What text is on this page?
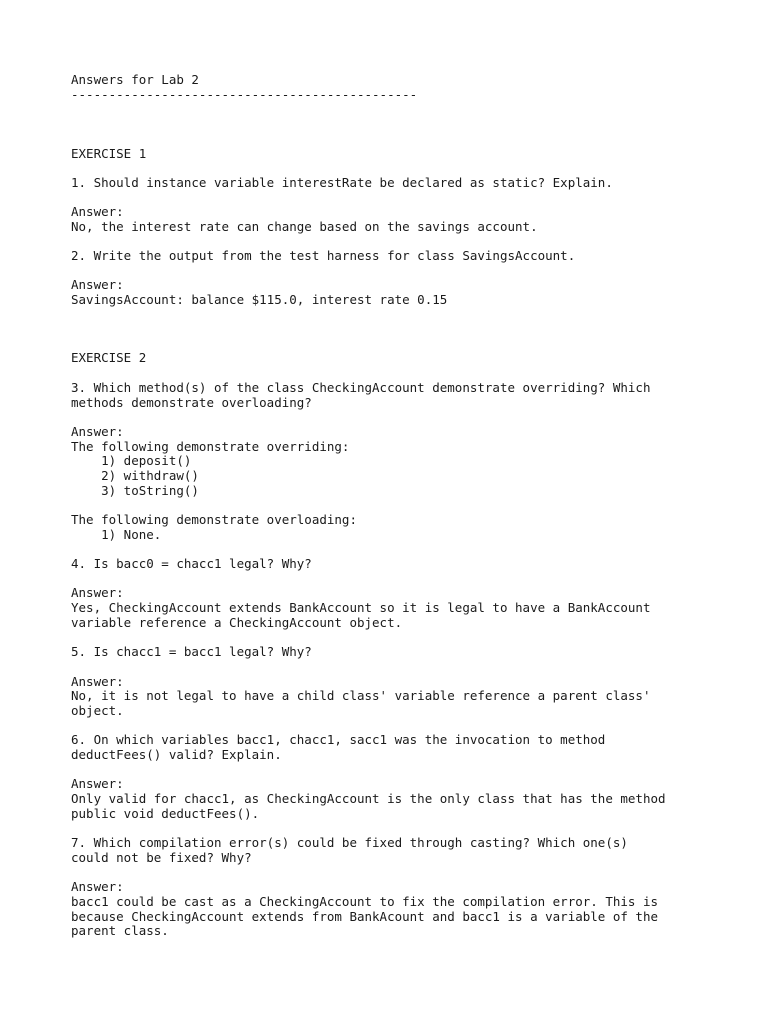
Answers for Lab 2
----------------------------------------------
EXERCISE 1
1. Should instance variable interestRate be declared as static? Explain.
Answer:
No, the interest rate can change based on the savings account.
2. Write the output from the test harness for class SavingsAccount.
Answer:
SavingsAccount: balance $115.0, interest rate 0.15
EXERCISE 2
3. Which method(s) of the class CheckingAccount demonstrate overriding? Which
methods demonstrate overloading?
Answer:
The following demonstrate overriding:
1) deposit()
2) withdraw()
3) toString()
The following demonstrate overloading:
1) None.
4. Is bacc0 = chacc1 legal? Why?
Answer:
Yes, CheckingAccount extends BankAccount so it is legal to have a BankAccount
variable reference a CheckingAccount object.
5. Is chacc1 = bacc1 legal? Why?
Answer:
No, it is not legal to have a child class' variable reference a parent class'
object.
6. On which variables bacc1, chacc1, sacc1 was the invocation to method
deductFees() valid? Explain.
Answer:
Only valid for chacc1, as CheckingAccount is the only class that has the method
public void deductFees().
7. Which compilation error(s) could be fixed through casting? Which one(s)
could not be fixed? Why?
Answer:
bacc1 could be cast as a CheckingAccount to fix the compilation error. This is
because CheckingAccount extends from BankAcount and bacc1 is a variable of the
parent class.
